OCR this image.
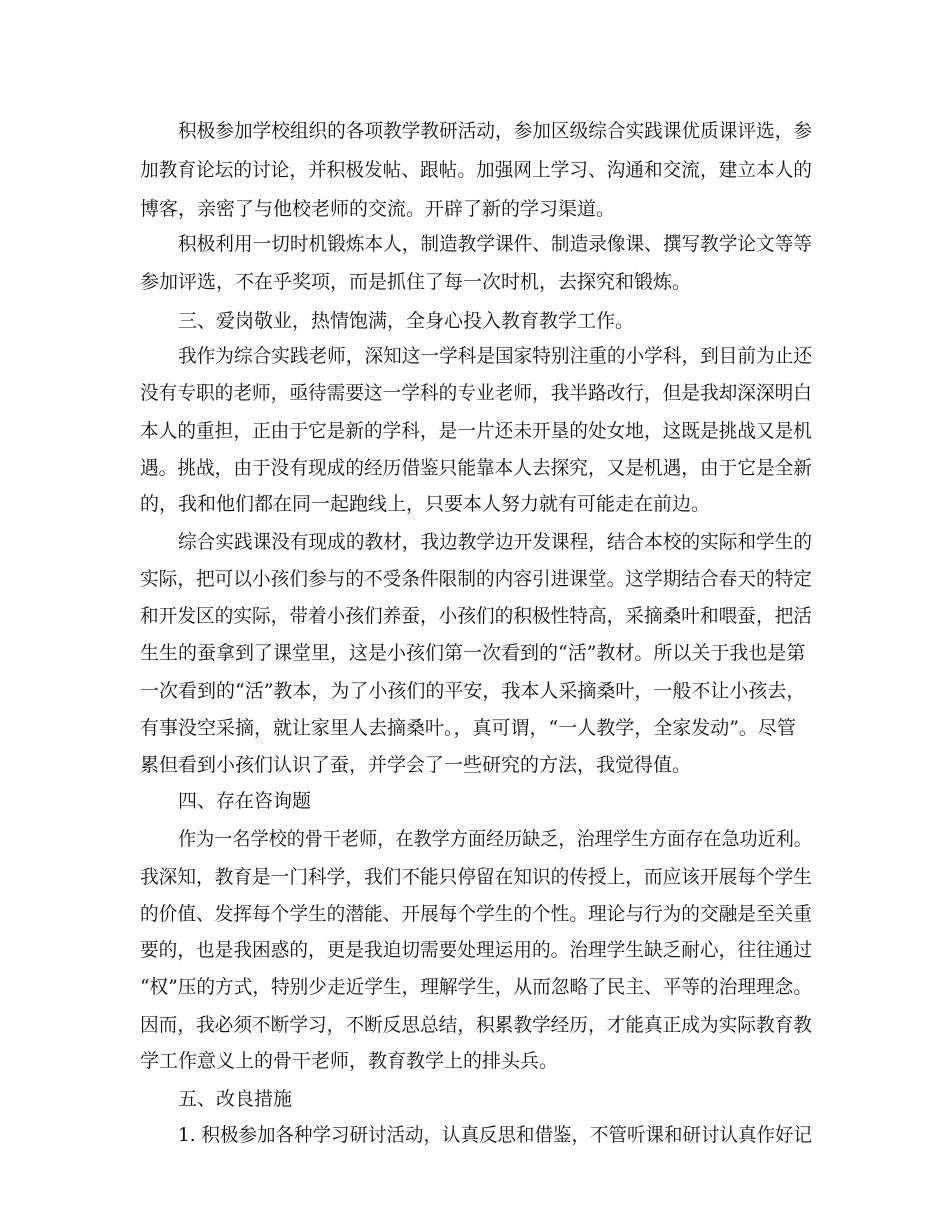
积极参加学校组织的各项教学教研活动，参加区级综合实践课优质课评选，参
加教育论坛的讨论，并积极发帖、跟帖。加强网上学习、沟通和交流，建立本人的
博客，亲密了与他校老师的交流。开辟了新的学习渠道。
积极利用一切时机锻炼本人，制造教学课件、制造录像课、撰写教学论文等等
参加评选，不在乎奖项，而是抓住了每一次时机，去探究和锻炼。
三、爱岗敬业，热情饱满，全身心投入教育教学工作。
我作为综合实践老师，深知这一学科是国家特别注重的小学科，到目前为止还
没有专职的老师，亟待需要这一学科的专业老师，我半路改行，但是我却深深明白
本人的重担，正由于它是新的学科，是一片还未开垦的处女地，这既是挑战又是机
遇。挑战，由于没有现成的经历借鉴只能靠本人去探究，又是机遇，由于它是全新
的，我和他们都在同一起跑线上，只要本人努力就有可能走在前边。
综合实践课没有现成的教材，我边教学边开发课程，结合本校的实际和学生的
实际，把可以小孩们参与的不受条件限制的内容引进课堂。这学期结合春天的特定
和开发区的实际，带着小孩们养蚕，小孩们的积极性特高，采摘桑叶和喂蚕，把活
生生的蚕拿到了课堂里，这是小孩们第一次看到的“活”教材。所以关于我也是第
一次看到的“活”教本，为了小孩们的平安，我本人采摘桑叶，一般不让小孩去，
有事没空采摘，就让家里人去摘桑叶。，真可谓，“一人教学，全家发动”。尽管
累但看到小孩们认识了蚕，并学会了一些研究的方法，我觉得值。
四、存在咨询题
作为一名学校的骨干老师，在教学方面经历缺乏，治理学生方面存在急功近利。
我深知，教育是一门科学，我们不能只停留在知识的传授上，而应该开展每个学生
的价值、发挥每个学生的潜能、开展每个学生的个性。理论与行为的交融是至关重
要的，也是我困惑的，更是我迫切需要处理运用的。治理学生缺乏耐心，往往通过
“权”压的方式，特别少走近学生，理解学生，从而忽略了民主、平等的治理理念。
因而，我必须不断学习，不断反思总结，积累教学经历，才能真正成为实际教育教
学工作意义上的骨干老师，教育教学上的排头兵。
五、改良措施
1. 积极参加各种学习研讨活动，认真反思和借鉴，不管听课和研讨认真作好记
